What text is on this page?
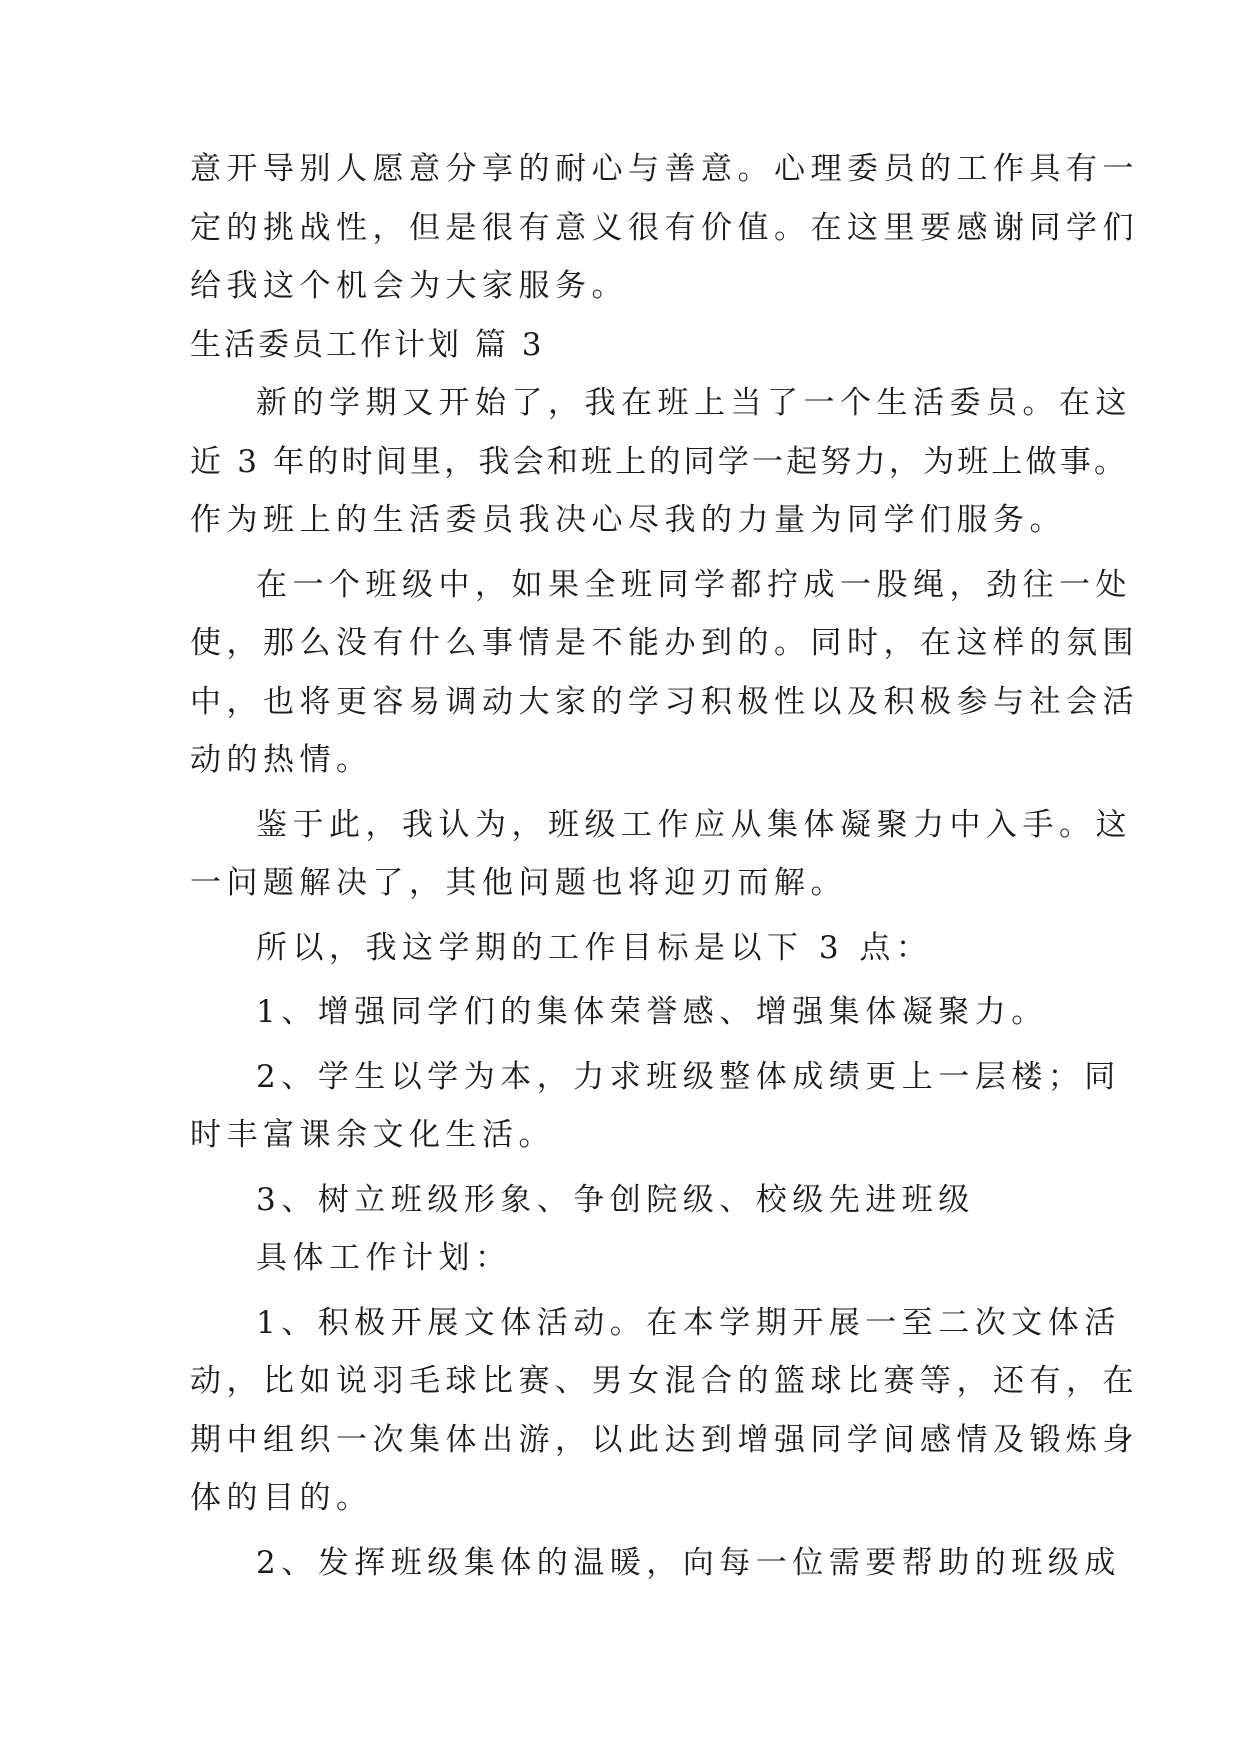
意开导别人愿意分享的耐心与善意。心理委员的工作具有一
定的挑战性，但是很有意义很有价值。在这里要感谢同学们
给我这个机会为大家服务。
生活委员工作计划 篇 3
新的学期又开始了，我在班上当了一个生活委员。在这
近 3 年的时间里，我会和班上的同学一起努力，为班上做事。
作为班上的生活委员我决心尽我的力量为同学们服务。
在一个班级中，如果全班同学都拧成一股绳，劲往一处
使，那么没有什么事情是不能办到的。同时，在这样的氛围
中，也将更容易调动大家的学习积极性以及积极参与社会活
动的热情。
鉴于此，我认为，班级工作应从集体凝聚力中入手。这
一问题解决了，其他问题也将迎刃而解。
所以，我这学期的工作目标是以下 3 点：
1、增强同学们的集体荣誉感、增强集体凝聚力。
2、学生以学为本，力求班级整体成绩更上一层楼；同
时丰富课余文化生活。
3、树立班级形象、争创院级、校级先进班级
具体工作计划：
1、积极开展文体活动。在本学期开展一至二次文体活
动，比如说羽毛球比赛、男女混合的篮球比赛等，还有，在
期中组织一次集体出游，以此达到增强同学间感情及锻炼身
体的目的。
2、发挥班级集体的温暖，向每一位需要帮助的班级成
